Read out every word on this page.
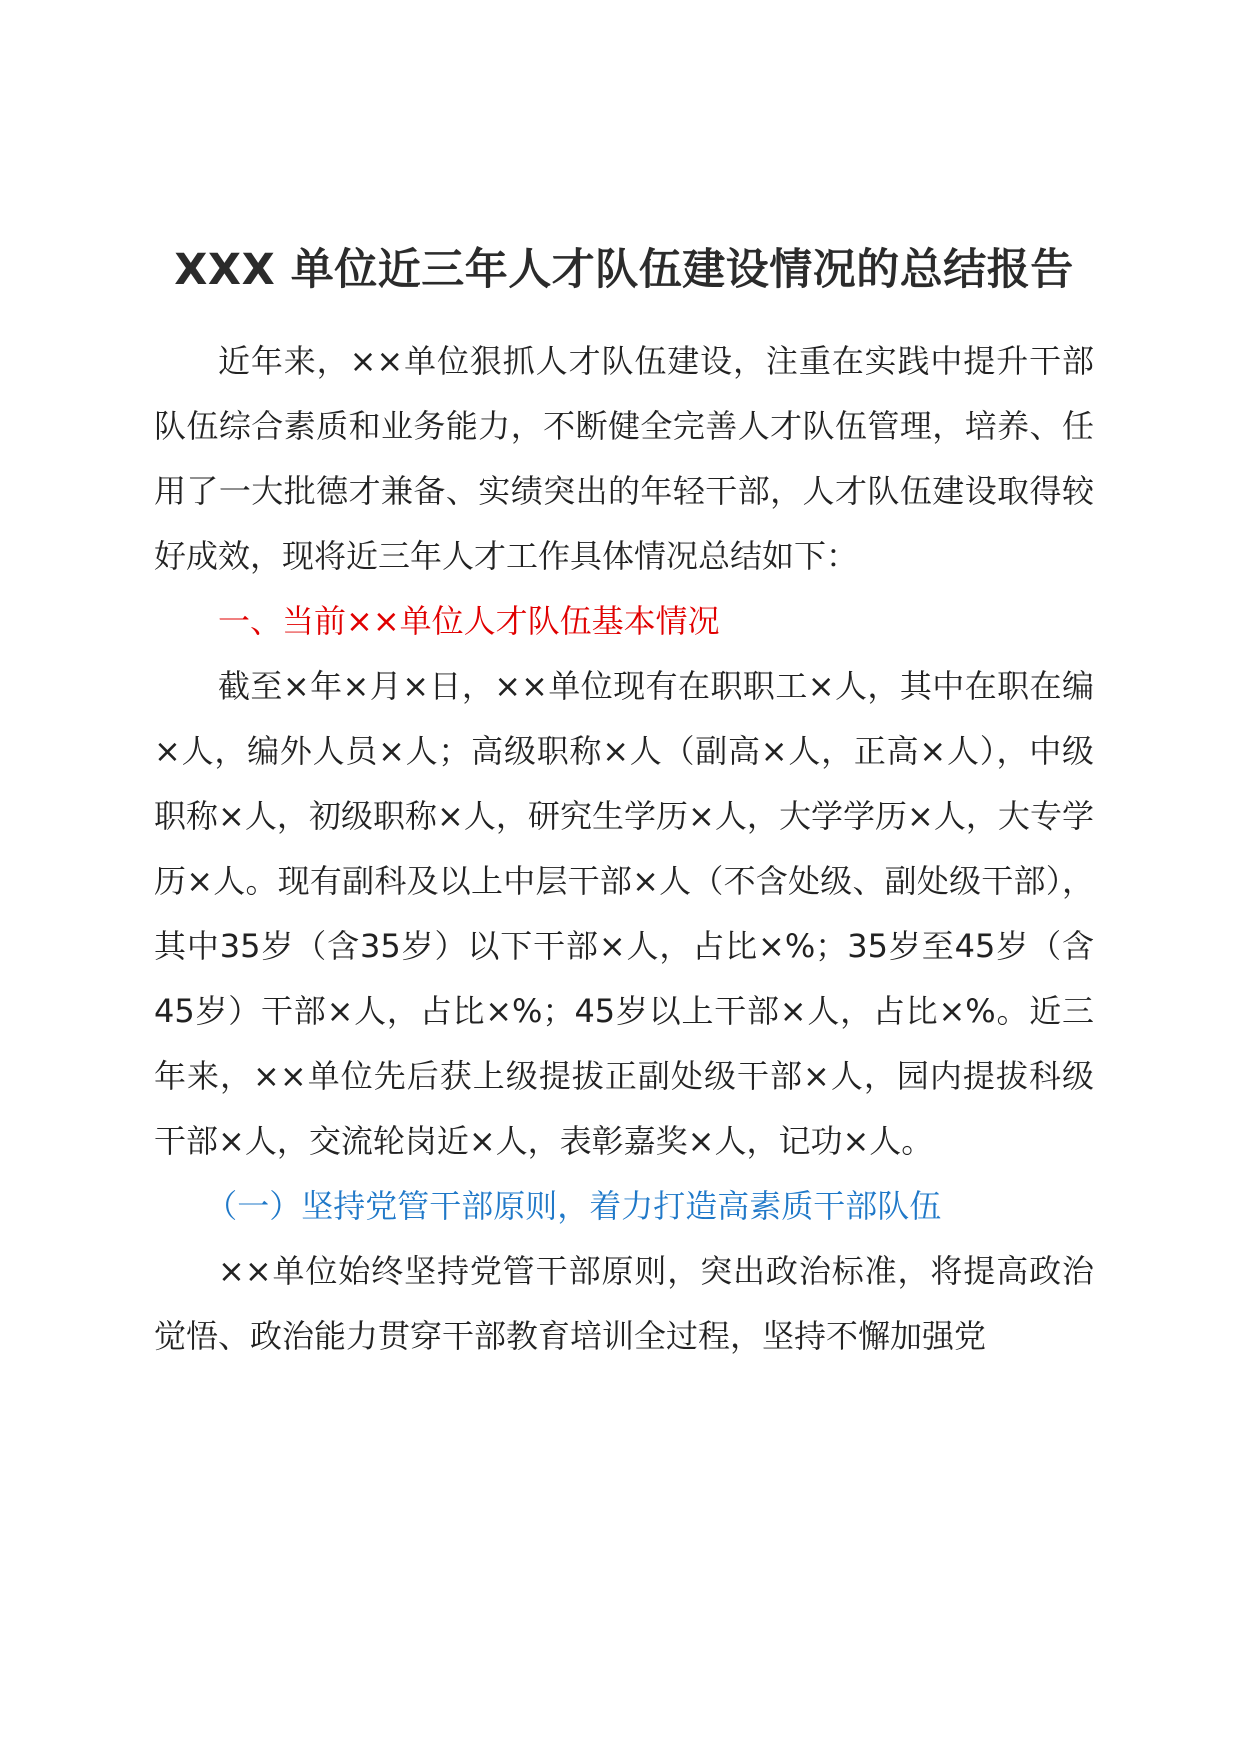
XXX 单位近三年人才队伍建设情况的总结报告

近年来，××单位狠抓人才队伍建设，注重在实践中提升干部队伍综合素质和业务能力，不断健全完善人才队伍管理，培养、任用了一大批德才兼备、实绩突出的年轻干部，人才队伍建设取得较好成效，现将近三年人才工作具体情况总结如下：

一、当前××单位人才队伍基本情况

截至×年×月×日，××单位现有在职职工×人，其中在职在编×人，编外人员×人；高级职称×人（副高×人，正高×人），中级职称×人，初级职称×人，研究生学历×人，大学学历×人，大专学历×人。现有副科及以上中层干部×人（不含处级、副处级干部），其中35岁（含35岁）以下干部×人，占比×%；35岁至45岁（含45岁）干部×人，占比×%；45岁以上干部×人，占比×%。近三年来，××单位先后获上级提拔正副处级干部×人，园内提拔科级干部×人，交流轮岗近×人，表彰嘉奖×人，记功×人。

（一）坚持党管干部原则，着力打造高素质干部队伍

××单位始终坚持党管干部原则，突出政治标准，将提高政治觉悟、政治能力贯穿干部教育培训全过程，坚持不懈加强党
